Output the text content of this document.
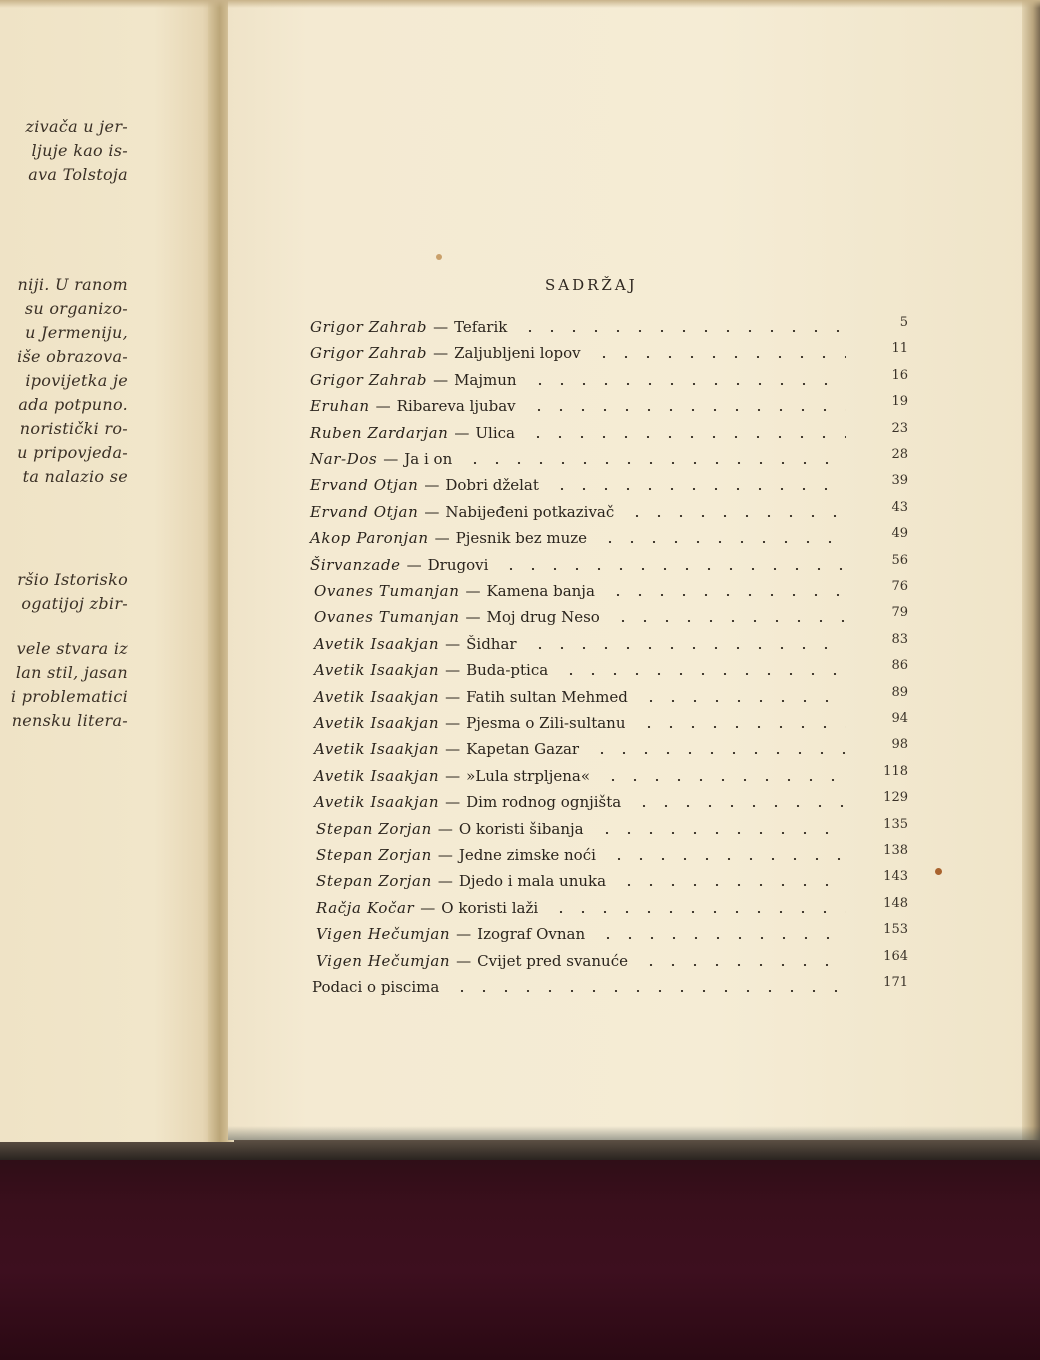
zivača u jer-
ljuje kao is-
ava Tolstoja
niji. U ranom
su organizo-
u Jermeniju,
iše obrazova-
ipovijetka je
ada potpuno.
noristički ro-
u pripovjeda-
ta nalazio se
ršio Istorisko
ogatijoj zbir-
vele stvara iz
lan stil, jasan
i problematici
nensku litera-
SADRŽAJ
Grigor Zahrab — Tefarik	5
Grigor Zahrab — Zaljubljeni lopov	11
Grigor Zahrab — Majmun	16
Eruhan — Ribareva ljubav	19
Ruben Zardarjan — Ulica	23
Nar-Dos — Ja i on	28
Ervand Otjan — Dobri dželat	39
Ervand Otjan — Nabijeđeni potkazivač	43
Akop Paronjan — Pjesnik bez muze	49
Širvanzade — Drugovi	56
Ovanes Tumanjan — Kamena banja	76
Ovanes Tumanjan — Moj drug Neso	79
Avetik Isaakjan — Šidhar	83
Avetik Isaakjan — Buda-ptica	86
Avetik Isaakjan — Fatih sultan Mehmed	89
Avetik Isaakjan — Pjesma o Zili-sultanu	94
Avetik Isaakjan — Kapetan Gazar	98
Avetik Isaakjan — »Lula strpljena«	118
Avetik Isaakjan — Dim rodnog ognjišta	129
Stepan Zorjan — O koristi šibanja	135
Stepan Zorjan — Jedne zimske noći	138
Stepan Zorjan — Djedo i mala unuka	143
Račja Kočar — O koristi laži	148
Vigen Hečumjan — Izograf Ovnan	153
Vigen Hečumjan — Cvijet pred svanuće	164
Podaci o piscima	171
